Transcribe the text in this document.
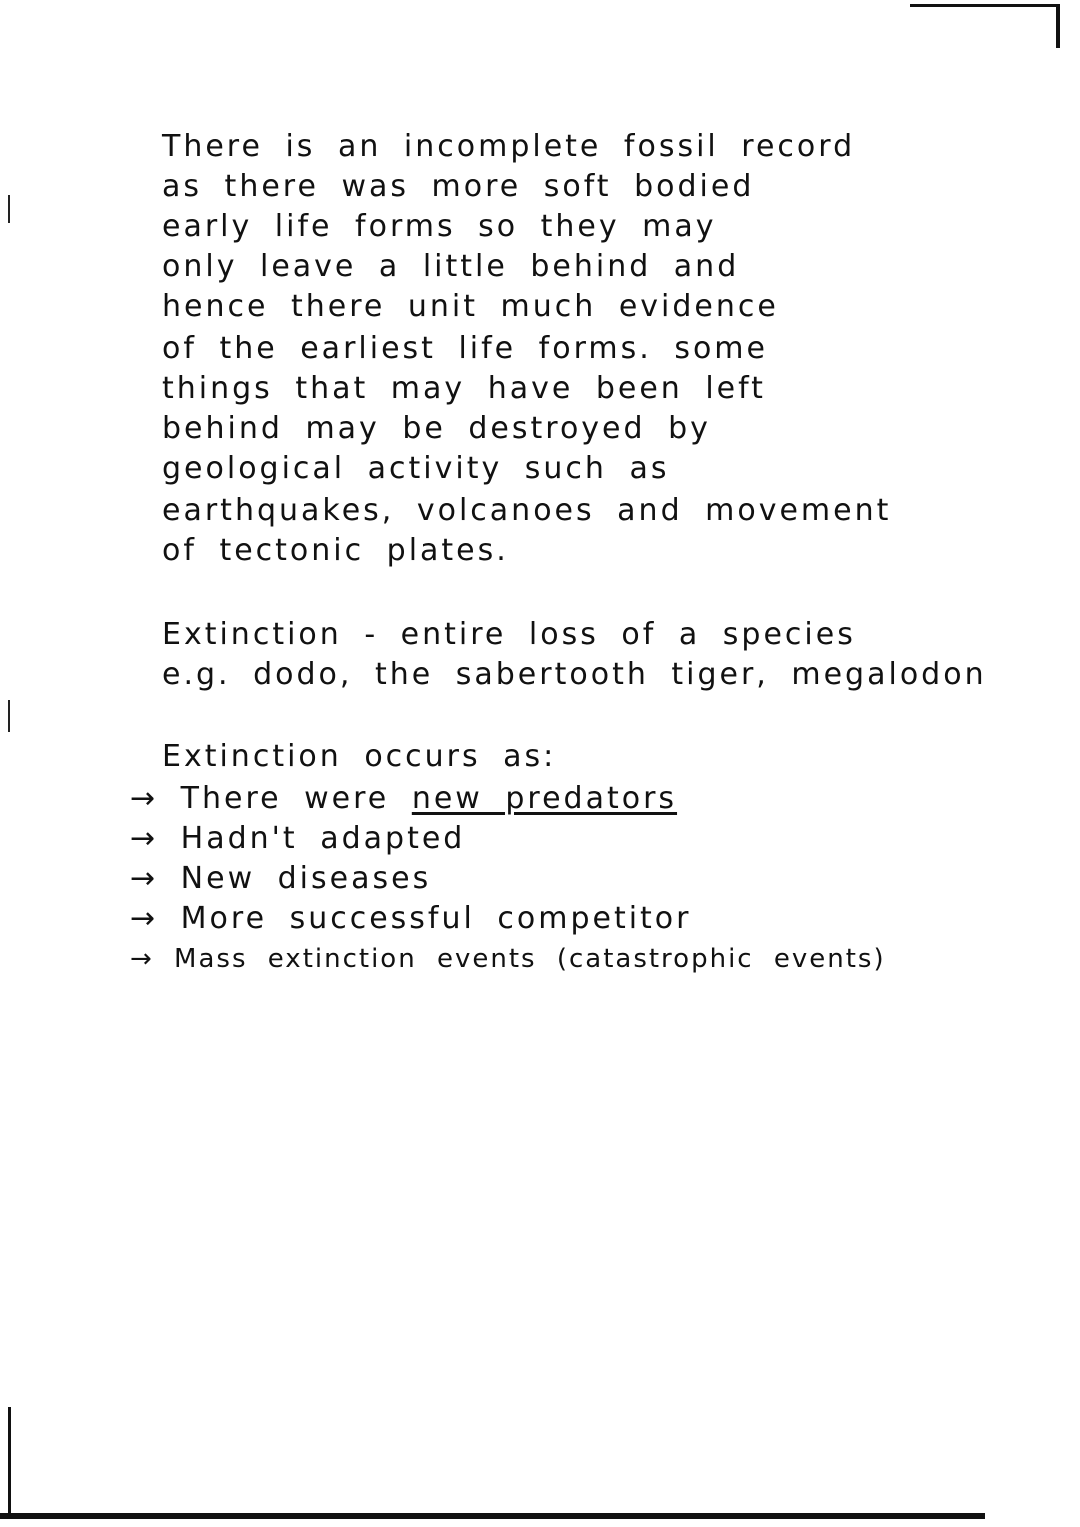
There is an incomplete fossil record
as there was more soft bodied
early life forms so they may
only leave a little behind and
hence there unit much evidence
of the earliest life forms. some
things that may have been left
behind may be destroyed by
geological activity such as
earthquakes, volcanoes and movement
of tectonic plates.
Extinction - entire loss of a species
e.g. dodo, the sabertooth tiger, megalodon
Extinction occurs as:
→ There were new predators
→ Hadn't adapted
→ New diseases
→ More successful competitor
→ Mass extinction events (catastrophic events)
